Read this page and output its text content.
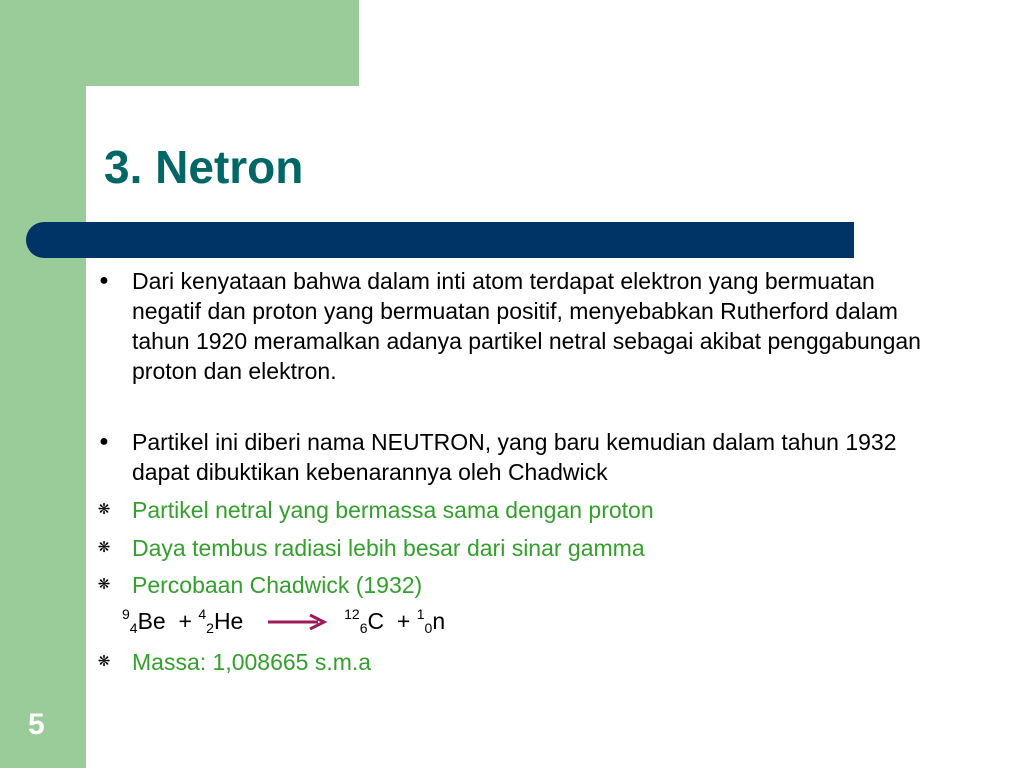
3. Netron
●	Dari kenyataan bahwa dalam inti atom terdapat elektron yang bermuatan negatif dan proton yang bermuatan positif, menyebabkan Rutherford dalam tahun 1920 meramalkan adanya partikel netral sebagai akibat penggabungan proton dan elektron.
●	Partikel ini diberi nama NEUTRON, yang baru kemudian dalam tahun 1932 dapat dibuktikan kebenarannya oleh Chadwick
❋ Partikel netral yang bermassa sama dengan proton
❋ Daya tembus radiasi lebih besar dari sinar gamma
❋ Percobaan Chadwick (1932)
$^9_4$Be + $^4_2$He → $^{12}_6$C + $^1_0$n
❋ Massa: 1,008665 s.m.a
5
